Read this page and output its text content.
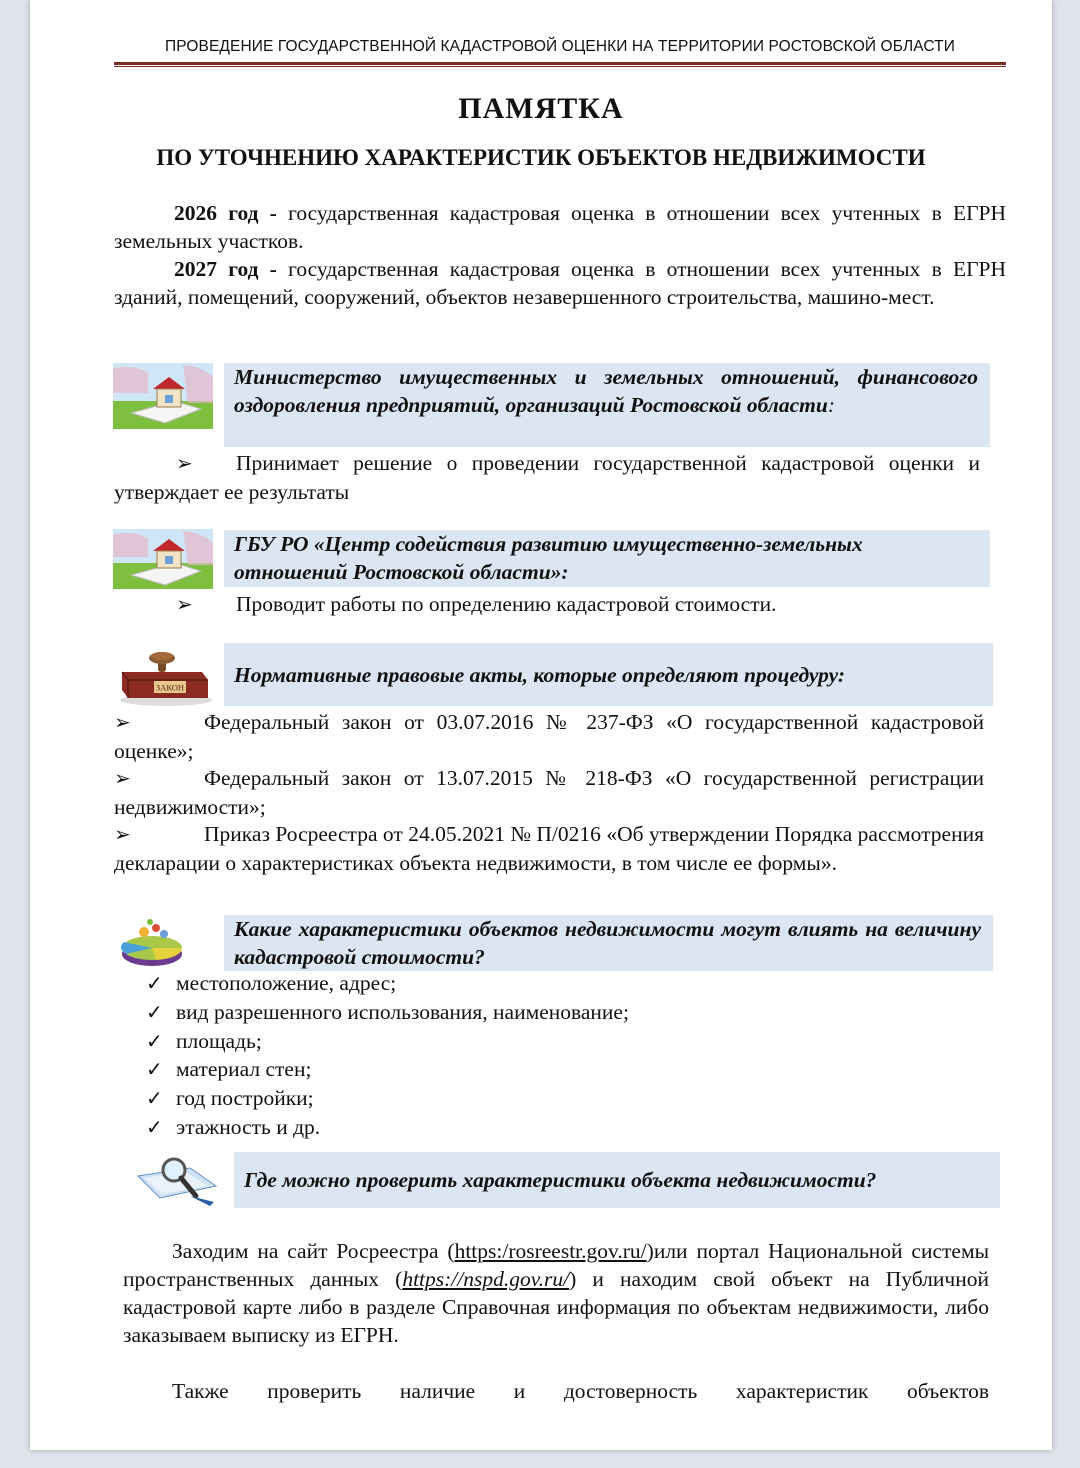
ПРОВЕДЕНИЕ ГОСУДАРСТВЕННОЙ КАДАСТРОВОЙ ОЦЕНКИ НА ТЕРРИТОРИИ РОСТОВСКОЙ ОБЛАСТИ
ПАМЯТКА
ПО УТОЧНЕНИЮ ХАРАКТЕРИСТИК ОБЪЕКТОВ НЕДВИЖИМОСТИ

2026 год - государственная кадастровая оценка в отношении всех учтенных в ЕГРН земельных участков.

2027 год - государственная кадастровая оценка в отношении всех учтенных в ЕГРН зданий, помещений, сооружений, объектов незавершенного строительства, машино-мест.

Министерство имущественных и земельных отношений, финансового оздоровления предприятий, организаций Ростовской области:

➢ Принимает решение о проведении государственной кадастровой оценки и утверждает ее результаты

ГБУ РО «Центр содействия развитию имущественно-земельных отношений Ростовской области»:

➢ Проводит работы по определению кадастровой стоимости.

ЗАКОН
Нормативные правовые акты, которые определяют процедуру:

➢	Федеральный закон от 03.07.2016 № 237-ФЗ «О государственной кадастровой оценке»;

➢	Федеральный закон от 13.07.2015 № 218-ФЗ «О государственной регистрации недвижимости»;

➢	Приказ Росреестра от 24.05.2021 № П/0216 «Об утверждении Порядка рассмотрения декларации о характеристиках объекта недвижимости, в том числе ее формы».

Какие характеристики объектов недвижимости могут влиять на величину кадастровой стоимости?
✓ местоположение, адрес;
✓ вид разрешенного использования, наименование;
✓ площадь;
✓ материал стен;
✓ год постройки;
✓ этажность и др.
Где можно проверить характеристики объекта недвижимости?

Заходим на сайт Росреестра (https:/rosreestr.gov.ru/)или портал Национальной системы пространственных данных (https://nspd.gov.ru/) и находим свой объект на Публичной кадастровой карте либо в разделе Справочная информация по объектам недвижимости, либо заказываем выписку из ЕГРН.

Также проверить наличие и достоверность характеристик объектов
